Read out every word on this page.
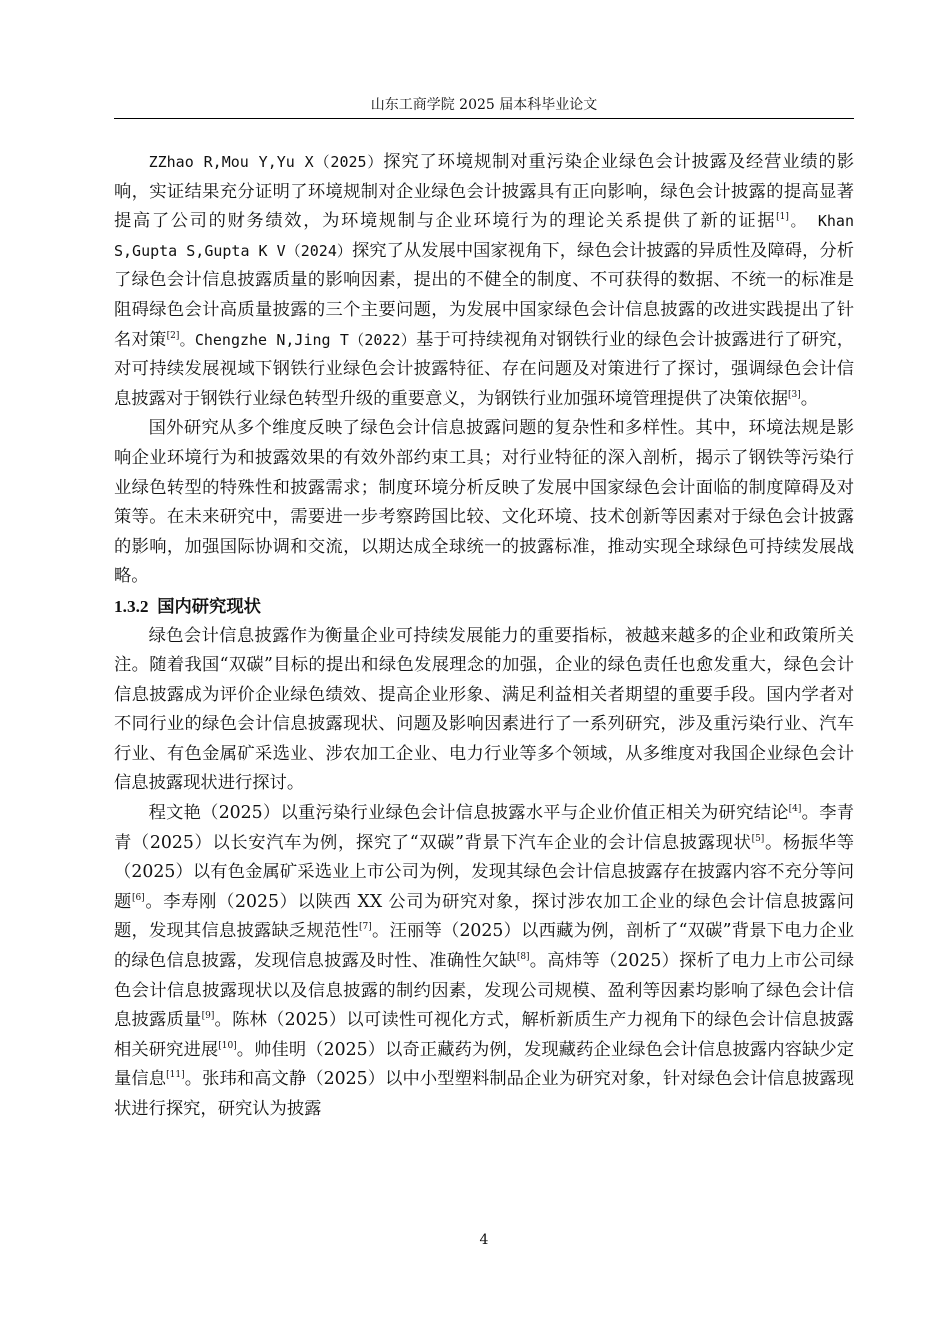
山东工商学院 2025 届本科毕业论文

ZZhao R,Mou Y,Yu X（2025）探究了环境规制对重污染企业绿色会计披露及经营业绩的影响，实证结果充分证明了环境规制对企业绿色会计披露具有正向影响，绿色会计披露的提高显著提高了公司的财务绩效，为环境规制与企业环境行为的理论关系提供了新的证据[1]。 Khan S,Gupta S,Gupta K V（2024）探究了从发展中国家视角下，绿色会计披露的异质性及障碍，分析了绿色会计信息披露质量的影响因素，提出的不健全的制度、不可获得的数据、不统一的标准是阻碍绿色会计高质量披露的三个主要问题，为发展中国家绿色会计信息披露的改进实践提出了针名对策[2]。Chengzhe N,Jing T（2022）基于可持续视角对钢铁行业的绿色会计披露进行了研究，对可持续发展视域下钢铁行业绿色会计披露特征、存在问题及对策进行了探讨，强调绿色会计信息披露对于钢铁行业绿色转型升级的重要意义，为钢铁行业加强环境管理提供了决策依据[3]。

国外研究从多个维度反映了绿色会计信息披露问题的复杂性和多样性。其中，环境法规是影响企业环境行为和披露效果的有效外部约束工具；对行业特征的深入剖析，揭示了钢铁等污染行业绿色转型的特殊性和披露需求；制度环境分析反映了发展中国家绿色会计面临的制度障碍及对策等。在未来研究中，需要进一步考察跨国比较、文化环境、技术创新等因素对于绿色会计披露的影响，加强国际协调和交流，以期达成全球统一的披露标准，推动实现全球绿色可持续发展战略。

1.3.2 国内研究现状

绿色会计信息披露作为衡量企业可持续发展能力的重要指标，被越来越多的企业和政策所关注。随着我国“双碳”目标的提出和绿色发展理念的加强，企业的绿色责任也愈发重大，绿色会计信息披露成为评价企业绿色绩效、提高企业形象、满足利益相关者期望的重要手段。国内学者对不同行业的绿色会计信息披露现状、问题及影响因素进行了一系列研究，涉及重污染行业、汽车行业、有色金属矿采选业、涉农加工企业、电力行业等多个领域，从多维度对我国企业绿色会计信息披露现状进行探讨。

程文艳（2025）以重污染行业绿色会计信息披露水平与企业价值正相关为研究结论[4]。李青青（2025）以长安汽车为例，探究了“双碳”背景下汽车企业的会计信息披露现状[5]。杨振华等（2025）以有色金属矿采选业上市公司为例，发现其绿色会计信息披露存在披露内容不充分等问题[6]。李寿刚（2025）以陕西 XX 公司为研究对象，探讨涉农加工企业的绿色会计信息披露问题，发现其信息披露缺乏规范性[7]。汪丽等（2025）以西藏为例，剖析了“双碳”背景下电力企业的绿色信息披露，发现信息披露及时性、准确性欠缺[8]。高炜等（2025）探析了电力上市公司绿色会计信息披露现状以及信息披露的制约因素，发现公司规模、盈利等因素均影响了绿色会计信息披露质量[9]。陈林（2025）以可读性可视化方式，解析新质生产力视角下的绿色会计信息披露相关研究进展[10]。帅佳明（2025）以奇正藏药为例，发现藏药企业绿色会计信息披露内容缺少定量信息[11]。张玮和高文静（2025）以中小型塑料制品企业为研究对象，针对绿色会计信息披露现状进行探究，研究认为披露

4
